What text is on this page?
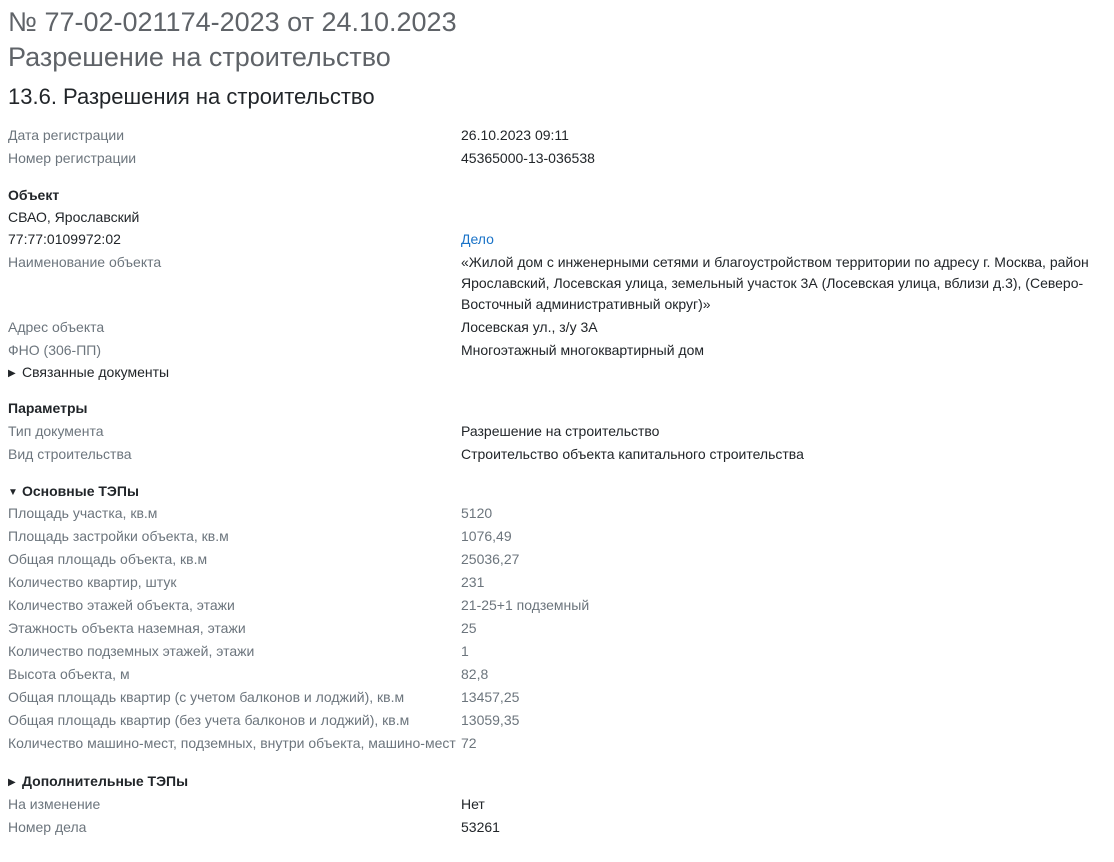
№ 77-02-021174-2023 от 24.10.2023
Разрешение на строительство
13.6. Разрешения на строительство
Дата регистрации	26.10.2023 09:11
Номер регистрации	45365000-13-036538
Объект
СВАО, Ярославский
77:77:0109972:02	Дело
Наименование объекта	«Жилой дом с инженерными сетями и благоустройством территории по адресу г. Москва, район Ярославский, Лосевская улица, земельный участок 3А (Лосевская улица, вблизи д.3), (Северо-Восточный административный округ)»
Адрес объекта	Лосевская ул., з/у 3А
ФНО (306-ПП)	Многоэтажный многоквартирный дом
▶ Связанные документы
Параметры
Тип документа	Разрешение на строительство
Вид строительства	Строительство объекта капитального строительства
▼ Основные ТЭПы
Площадь участка, кв.м	5120
Площадь застройки объекта, кв.м	1076,49
Общая площадь объекта, кв.м	25036,27
Количество квартир, штук	231
Количество этажей объекта, этажи	21-25+1 подземный
Этажность объекта наземная, этажи	25
Количество подземных этажей, этажи	1
Высота объекта, м	82,8
Общая площадь квартир (с учетом балконов и лоджий), кв.м	13457,25
Общая площадь квартир (без учета балконов и лоджий), кв.м	13059,35
Количество машино-мест, подземных, внутри объекта, машино-мест 72
▶ Дополнительные ТЭПы
На изменение	Нет
Номер дела	53261
